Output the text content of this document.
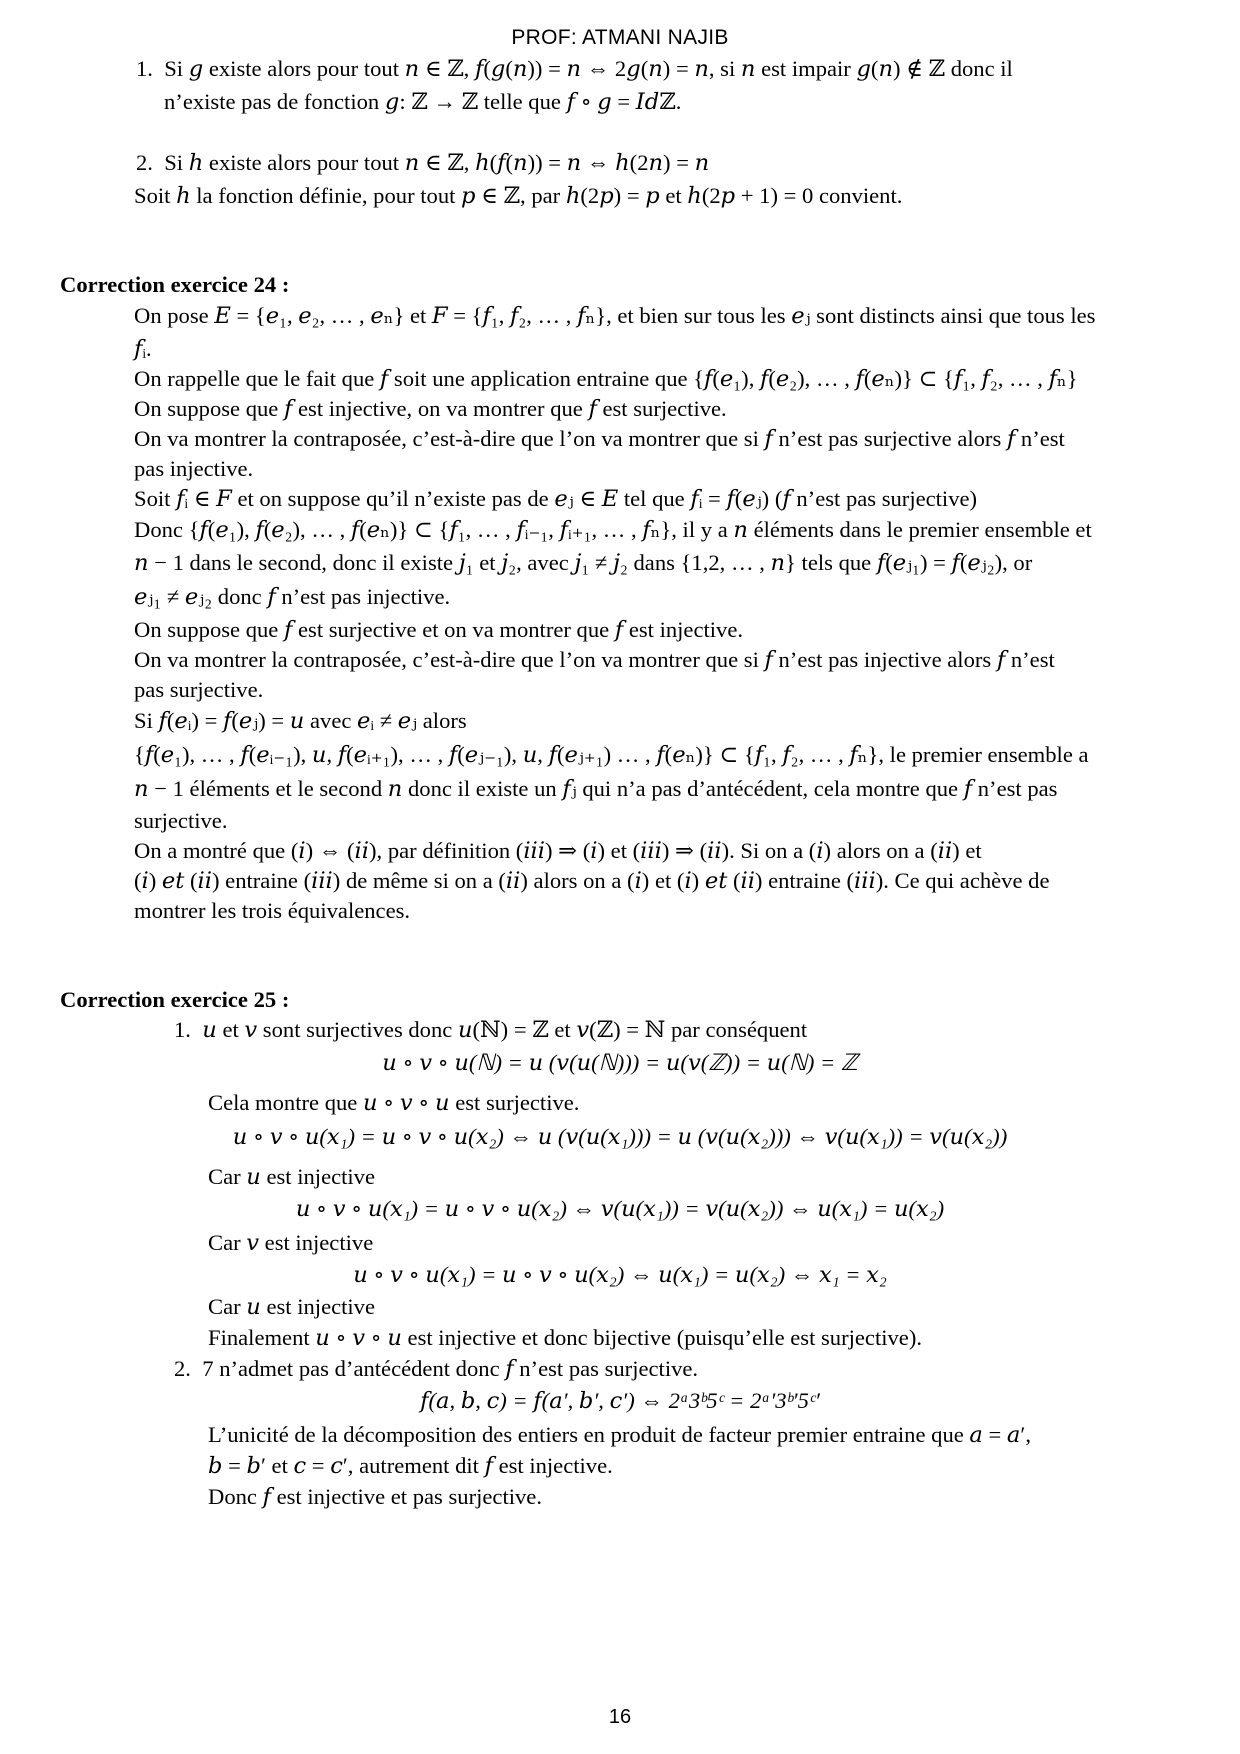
PROF: ATMANI NAJIB
1. Si 𝑔 existe alors pour tout 𝑛 ∈ ℤ, 𝑓(𝑔(𝑛)) = 𝑛 ⇔ 2𝑔(𝑛) = 𝑛, si 𝑛 est impair 𝑔(𝑛) ∉ ℤ donc il
n’existe pas de fonction 𝑔: ℤ → ℤ telle que 𝑓 ∘ 𝑔 = 𝐼𝑑ℤ.
2. Si ℎ existe alors pour tout 𝑛 ∈ ℤ, ℎ(𝑓(𝑛)) = 𝑛 ⇔ ℎ(2𝑛) = 𝑛
Soit ℎ la fonction définie, pour tout 𝑝 ∈ ℤ, par ℎ(2𝑝) = 𝑝 et ℎ(2𝑝 + 1) = 0 convient.
Correction exercice 24 :
On pose 𝐸 = {𝑒₁, 𝑒₂, … , 𝑒ₙ} et 𝐹 = {𝑓₁, 𝑓₂, … , 𝑓ₙ}, et bien sur tous les 𝑒ⱼ sont distincts ainsi que tous les
𝑓ᵢ.
On rappelle que le fait que 𝑓 soit une application entraine que {𝑓(𝑒₁), 𝑓(𝑒₂), … , 𝑓(𝑒ₙ)} ⊂ {𝑓₁, 𝑓₂, … , 𝑓ₙ}
On suppose que 𝑓 est injective, on va montrer que 𝑓 est surjective.
On va montrer la contraposée, c’est-à-dire que l’on va montrer que si 𝑓 n’est pas surjective alors 𝑓 n’est
pas injective.
Soit 𝑓ᵢ ∈ 𝐹 et on suppose qu’il n’existe pas de 𝑒ⱼ ∈ 𝐸 tel que 𝑓ᵢ = 𝑓(𝑒ⱼ) (𝑓 n’est pas surjective)
Donc {𝑓(𝑒₁), 𝑓(𝑒₂), … , 𝑓(𝑒ₙ)} ⊂ {𝑓₁, … , 𝑓ᵢ₋₁, 𝑓ᵢ₊₁, … , 𝑓ₙ}, il y a 𝑛 éléments dans le premier ensemble et
𝑛 − 1 dans le second, donc il existe 𝑗₁ et 𝑗₂, avec 𝑗₁ ≠ 𝑗₂ dans {1,2, … , 𝑛} tels que 𝑓(𝑒ⱼ₁) = 𝑓(𝑒ⱼ₂), or
𝑒ⱼ₁ ≠ 𝑒ⱼ₂ donc 𝑓 n’est pas injective.
On suppose que 𝑓 est surjective et on va montrer que 𝑓 est injective.
On va montrer la contraposée, c’est-à-dire que l’on va montrer que si 𝑓 n’est pas injective alors 𝑓 n’est
pas surjective.
Si 𝑓(𝑒ᵢ) = 𝑓(𝑒ⱼ) = 𝑢 avec 𝑒ᵢ ≠ 𝑒ⱼ alors
{𝑓(𝑒₁), … , 𝑓(𝑒ᵢ₋₁), 𝑢, 𝑓(𝑒ᵢ₊₁), … , 𝑓(𝑒ⱼ₋₁), 𝑢, 𝑓(𝑒ⱼ₊₁) … , 𝑓(𝑒ₙ)} ⊂ {𝑓₁, 𝑓₂, … , 𝑓ₙ}, le premier ensemble a
𝑛 − 1 éléments et le second 𝑛 donc il existe un 𝑓ⱼ qui n’a pas d’antécédent, cela montre que 𝑓 n’est pas
surjective.
On a montré que (𝑖) ⇔ (𝑖𝑖), par définition (𝑖𝑖𝑖) ⇒ (𝑖) et (𝑖𝑖𝑖) ⇒ (𝑖𝑖). Si on a (𝑖) alors on a (𝑖𝑖) et
(𝑖) 𝑒𝑡 (𝑖𝑖) entraine (𝑖𝑖𝑖) de même si on a (𝑖𝑖) alors on a (𝑖) et (𝑖) 𝑒𝑡 (𝑖𝑖) entraine (𝑖𝑖𝑖). Ce qui achève de
montrer les trois équivalences.
Correction exercice 25 :
1. 𝑢 et 𝑣 sont surjectives donc 𝑢(ℕ) = ℤ et 𝑣(ℤ) = ℕ par conséquent
𝑢 ∘ 𝑣 ∘ 𝑢(ℕ) = 𝑢 (𝑣(𝑢(ℕ))) = 𝑢(𝑣(ℤ)) = 𝑢(ℕ) = ℤ
Cela montre que 𝑢 ∘ 𝑣 ∘ 𝑢 est surjective.
𝑢 ∘ 𝑣 ∘ 𝑢(𝑥₁) = 𝑢 ∘ 𝑣 ∘ 𝑢(𝑥₂) ⇔ 𝑢 (𝑣(𝑢(𝑥₁))) = 𝑢 (𝑣(𝑢(𝑥₂))) ⇔ 𝑣(𝑢(𝑥₁)) = 𝑣(𝑢(𝑥₂))
Car 𝑢 est injective
𝑢 ∘ 𝑣 ∘ 𝑢(𝑥₁) = 𝑢 ∘ 𝑣 ∘ 𝑢(𝑥₂) ⇔ 𝑣(𝑢(𝑥₁)) = 𝑣(𝑢(𝑥₂)) ⇔ 𝑢(𝑥₁) = 𝑢(𝑥₂)
Car 𝑣 est injective
𝑢 ∘ 𝑣 ∘ 𝑢(𝑥₁) = 𝑢 ∘ 𝑣 ∘ 𝑢(𝑥₂) ⇔ 𝑢(𝑥₁) = 𝑢(𝑥₂) ⇔ 𝑥₁ = 𝑥₂
Car 𝑢 est injective
Finalement 𝑢 ∘ 𝑣 ∘ 𝑢 est injective et donc bijective (puisqu’elle est surjective).
2. 7 n’admet pas d’antécédent donc 𝑓 n’est pas surjective.
𝑓(𝑎, 𝑏, 𝑐) = 𝑓(𝑎′, 𝑏′, 𝑐′) ⇔ 2ᵃ3ᵇ5ᶜ = 2ᵃ′3ᵇ′5ᶜ′
L’unicité de la décomposition des entiers en produit de facteur premier entraine que 𝑎 = 𝑎′,
𝑏 = 𝑏′ et 𝑐 = 𝑐′, autrement dit 𝑓 est injective.
Donc 𝑓 est injective et pas surjective.
16
